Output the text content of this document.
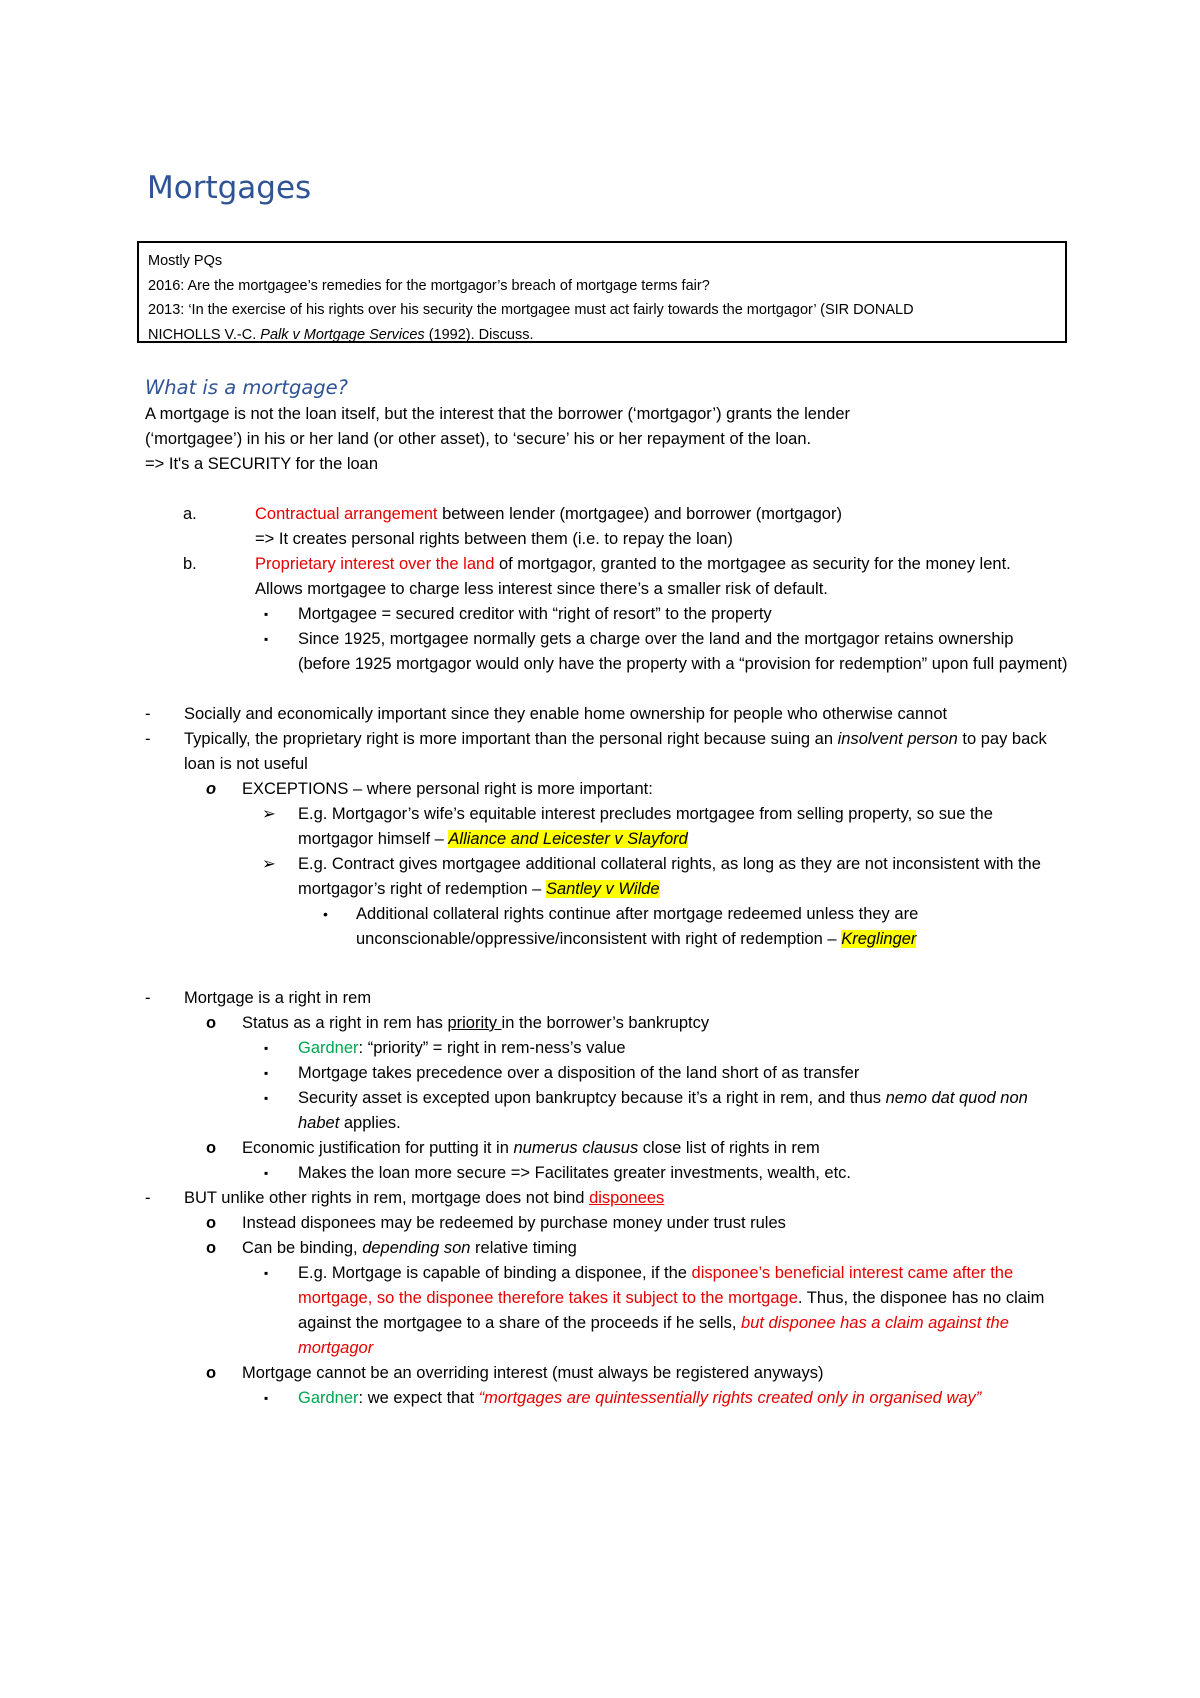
Mortgages

Mostly PQs

2016: Are the mortgagee’s remedies for the mortgagor’s breach of mortgage terms fair?

2013: ‘In the exercise of his rights over his security the mortgagee must act fairly towards the mortgagor’ (SIR DONALD

NICHOLLS V.-C. Palk v Mortgage Services (1992). Discuss.

What is a mortgage?
A mortgage is not the loan itself, but the interest that the borrower (‘mortgagor’) grants the lender
(‘mortgagee’) in his or her land (or other asset), to ‘secure’ his or her repayment of the loan.
=> It's a SECURITY for the loan
a.	Contractual arrangement between lender (mortgagee) and borrower (mortgagor)
=> It creates personal rights between them (i.e. to repay the loan)
b.	Proprietary interest over the land of mortgagor, granted to the mortgagee as security for the money lent. Allows mortgagee to charge less interest since there’s a smaller risk of default.
▪ Mortgagee = secured creditor with “right of resort” to the property
▪ Since 1925, mortgagee normally gets a charge over the land and the mortgagor retains ownership (before 1925 mortgagor would only have the property with a “provision for redemption” upon full payment)
- Socially and economically important since they enable home ownership for people who otherwise cannot
- Typically, the proprietary right is more important than the personal right because suing an insolvent person to pay back loan is not useful
o EXCEPTIONS – where personal right is more important:
➢ E.g. Mortgagor’s wife’s equitable interest precludes mortgagee from selling property, so sue the mortgagor himself – Alliance and Leicester v Slayford
➢ E.g. Contract gives mortgagee additional collateral rights, as long as they are not inconsistent with the mortgagor’s right of redemption – Santley v Wilde
• Additional collateral rights continue after mortgage redeemed unless they are unconscionable/oppressive/inconsistent with right of redemption – Kreglinger
- Mortgage is a right in rem
o Status as a right in rem has priority in the borrower’s bankruptcy
▪ Gardner: “priority” = right in rem-ness’s value
▪ Mortgage takes precedence over a disposition of the land short of as transfer
▪ Security asset is excepted upon bankruptcy because it’s a right in rem, and thus nemo dat quod non habet applies.
o Economic justification for putting it in numerus clausus close list of rights in rem
▪ Makes the loan more secure => Facilitates greater investments, wealth, etc.
- BUT unlike other rights in rem, mortgage does not bind disponees
o Instead disponees may be redeemed by purchase money under trust rules
o Can be binding, depending son relative timing
▪ E.g. Mortgage is capable of binding a disponee, if the disponee’s beneficial interest came after the mortgage, so the disponee therefore takes it subject to the mortgage. Thus, the disponee has no claim against the mortgagee to a share of the proceeds if he sells, but disponee has a claim against the mortgagor
o Mortgage cannot be an overriding interest (must always be registered anyways)
▪ Gardner: we expect that “mortgages are quintessentially rights created only in organised way”
